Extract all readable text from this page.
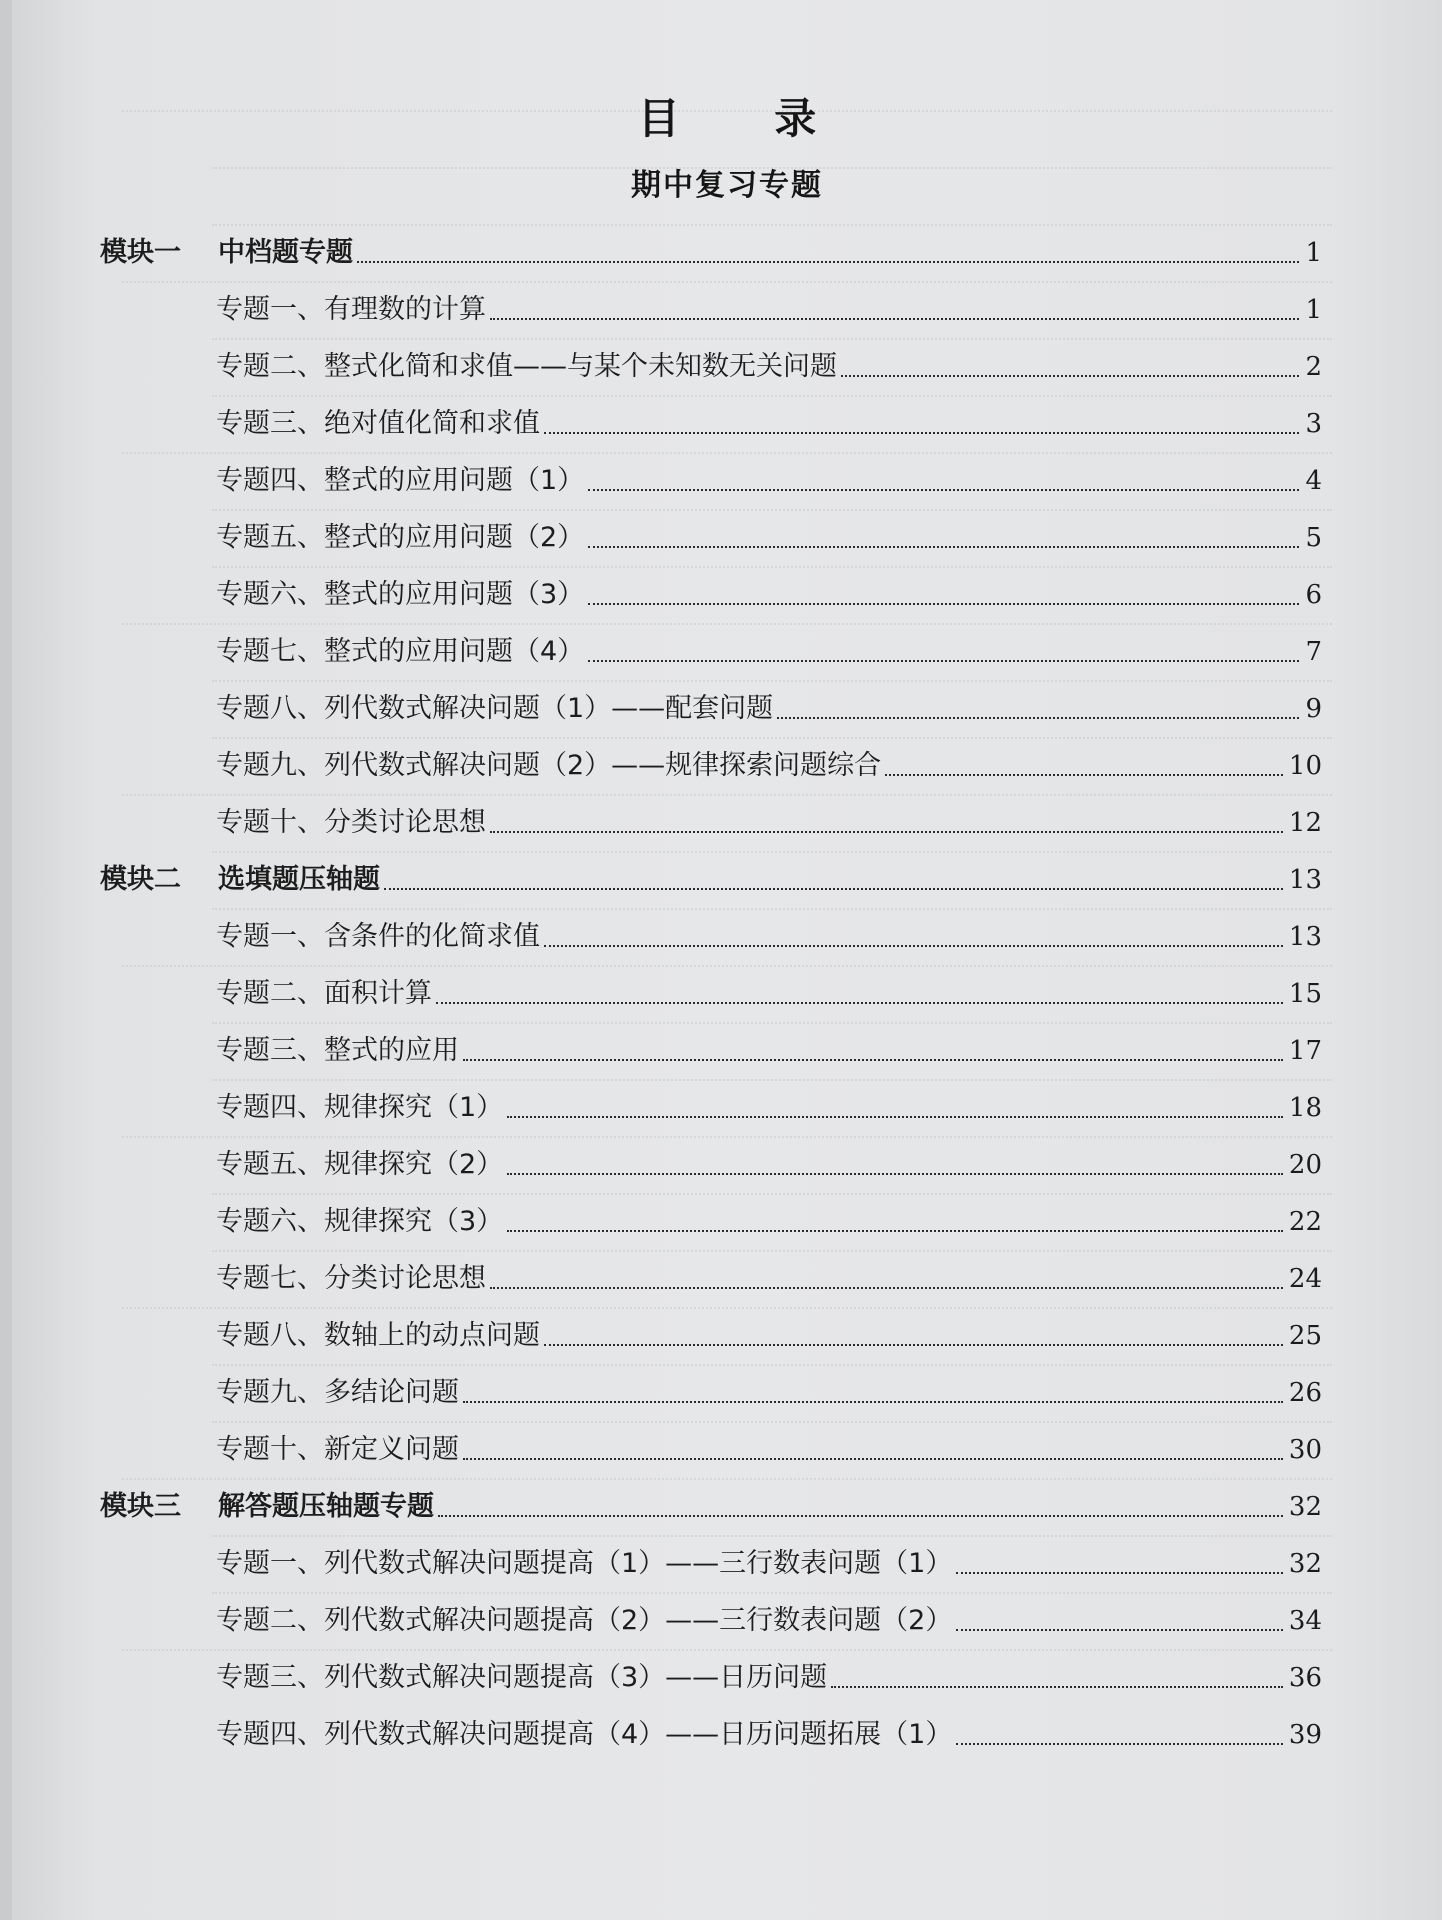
目 录
期中复习专题
模块一 中档题专题	1
专题一、有理数的计算	1
专题二、整式化简和求值——与某个未知数无关问题	2
专题三、绝对值化简和求值	3
专题四、整式的应用问题（1）	4
专题五、整式的应用问题（2）	5
专题六、整式的应用问题（3）	6
专题七、整式的应用问题（4）	7
专题八、列代数式解决问题（1）——配套问题	9
专题九、列代数式解决问题（2）——规律探索问题综合	10
专题十、分类讨论思想	12
模块二 选填题压轴题	13
专题一、含条件的化简求值	13
专题二、面积计算	15
专题三、整式的应用	17
专题四、规律探究（1）	18
专题五、规律探究（2）	20
专题六、规律探究（3）	22
专题七、分类讨论思想	24
专题八、数轴上的动点问题	25
专题九、多结论问题	26
专题十、新定义问题	30
模块三 解答题压轴题专题	32
专题一、列代数式解决问题提高（1）——三行数表问题（1）	32
专题二、列代数式解决问题提高（2）——三行数表问题（2）	34
专题三、列代数式解决问题提高（3）——日历问题	36
专题四、列代数式解决问题提高（4）——日历问题拓展（1）	39
